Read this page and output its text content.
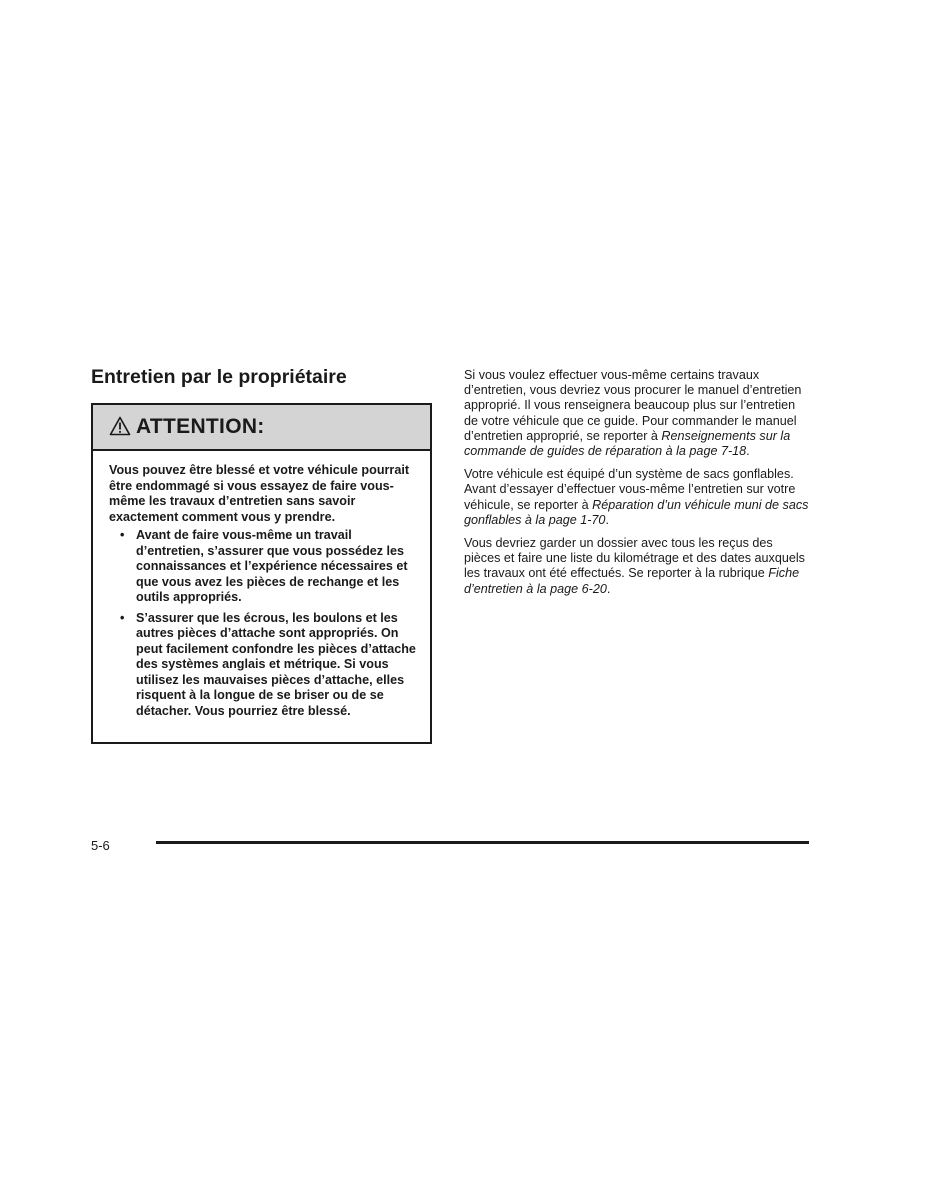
Entretien par le propriétaire
ATTENTION:

Vous pouvez être blessé et votre véhicule pourrait être endommagé si vous essayez de faire vous-même les travaux d’entretien sans savoir exactement comment vous y prendre.

• Avant de faire vous-même un travail d’entretien, s’assurer que vous possédez les connaissances et l’expérience nécessaires et que vous avez les pièces de rechange et les outils appropriés.
• S’assurer que les écrous, les boulons et les autres pièces d’attache sont appropriés. On peut facilement confondre les pièces d’attache des systèmes anglais et métrique. Si vous utilisez les mauvaises pièces d’attache, elles risquent à la longue de se briser ou de se détacher. Vous pourriez être blessé.

Si vous voulez effectuer vous-même certains travaux d’entretien, vous devriez vous procurer le manuel d’entretien approprié. Il vous renseignera beaucoup plus sur l’entretien de votre véhicule que ce guide. Pour commander le manuel d’entretien approprié, se reporter à Renseignements sur la commande de guides de réparation à la page 7-18.

Votre véhicule est équipé d’un système de sacs gonflables. Avant d’essayer d’effectuer vous-même l’entretien sur votre véhicule, se reporter à Réparation d’un véhicule muni de sacs gonflables à la page 1-70.

Vous devriez garder un dossier avec tous les reçus des pièces et faire une liste du kilométrage et des dates auxquels les travaux ont été effectués. Se reporter à la rubrique Fiche d’entretien à la page 6-20.

5-6
